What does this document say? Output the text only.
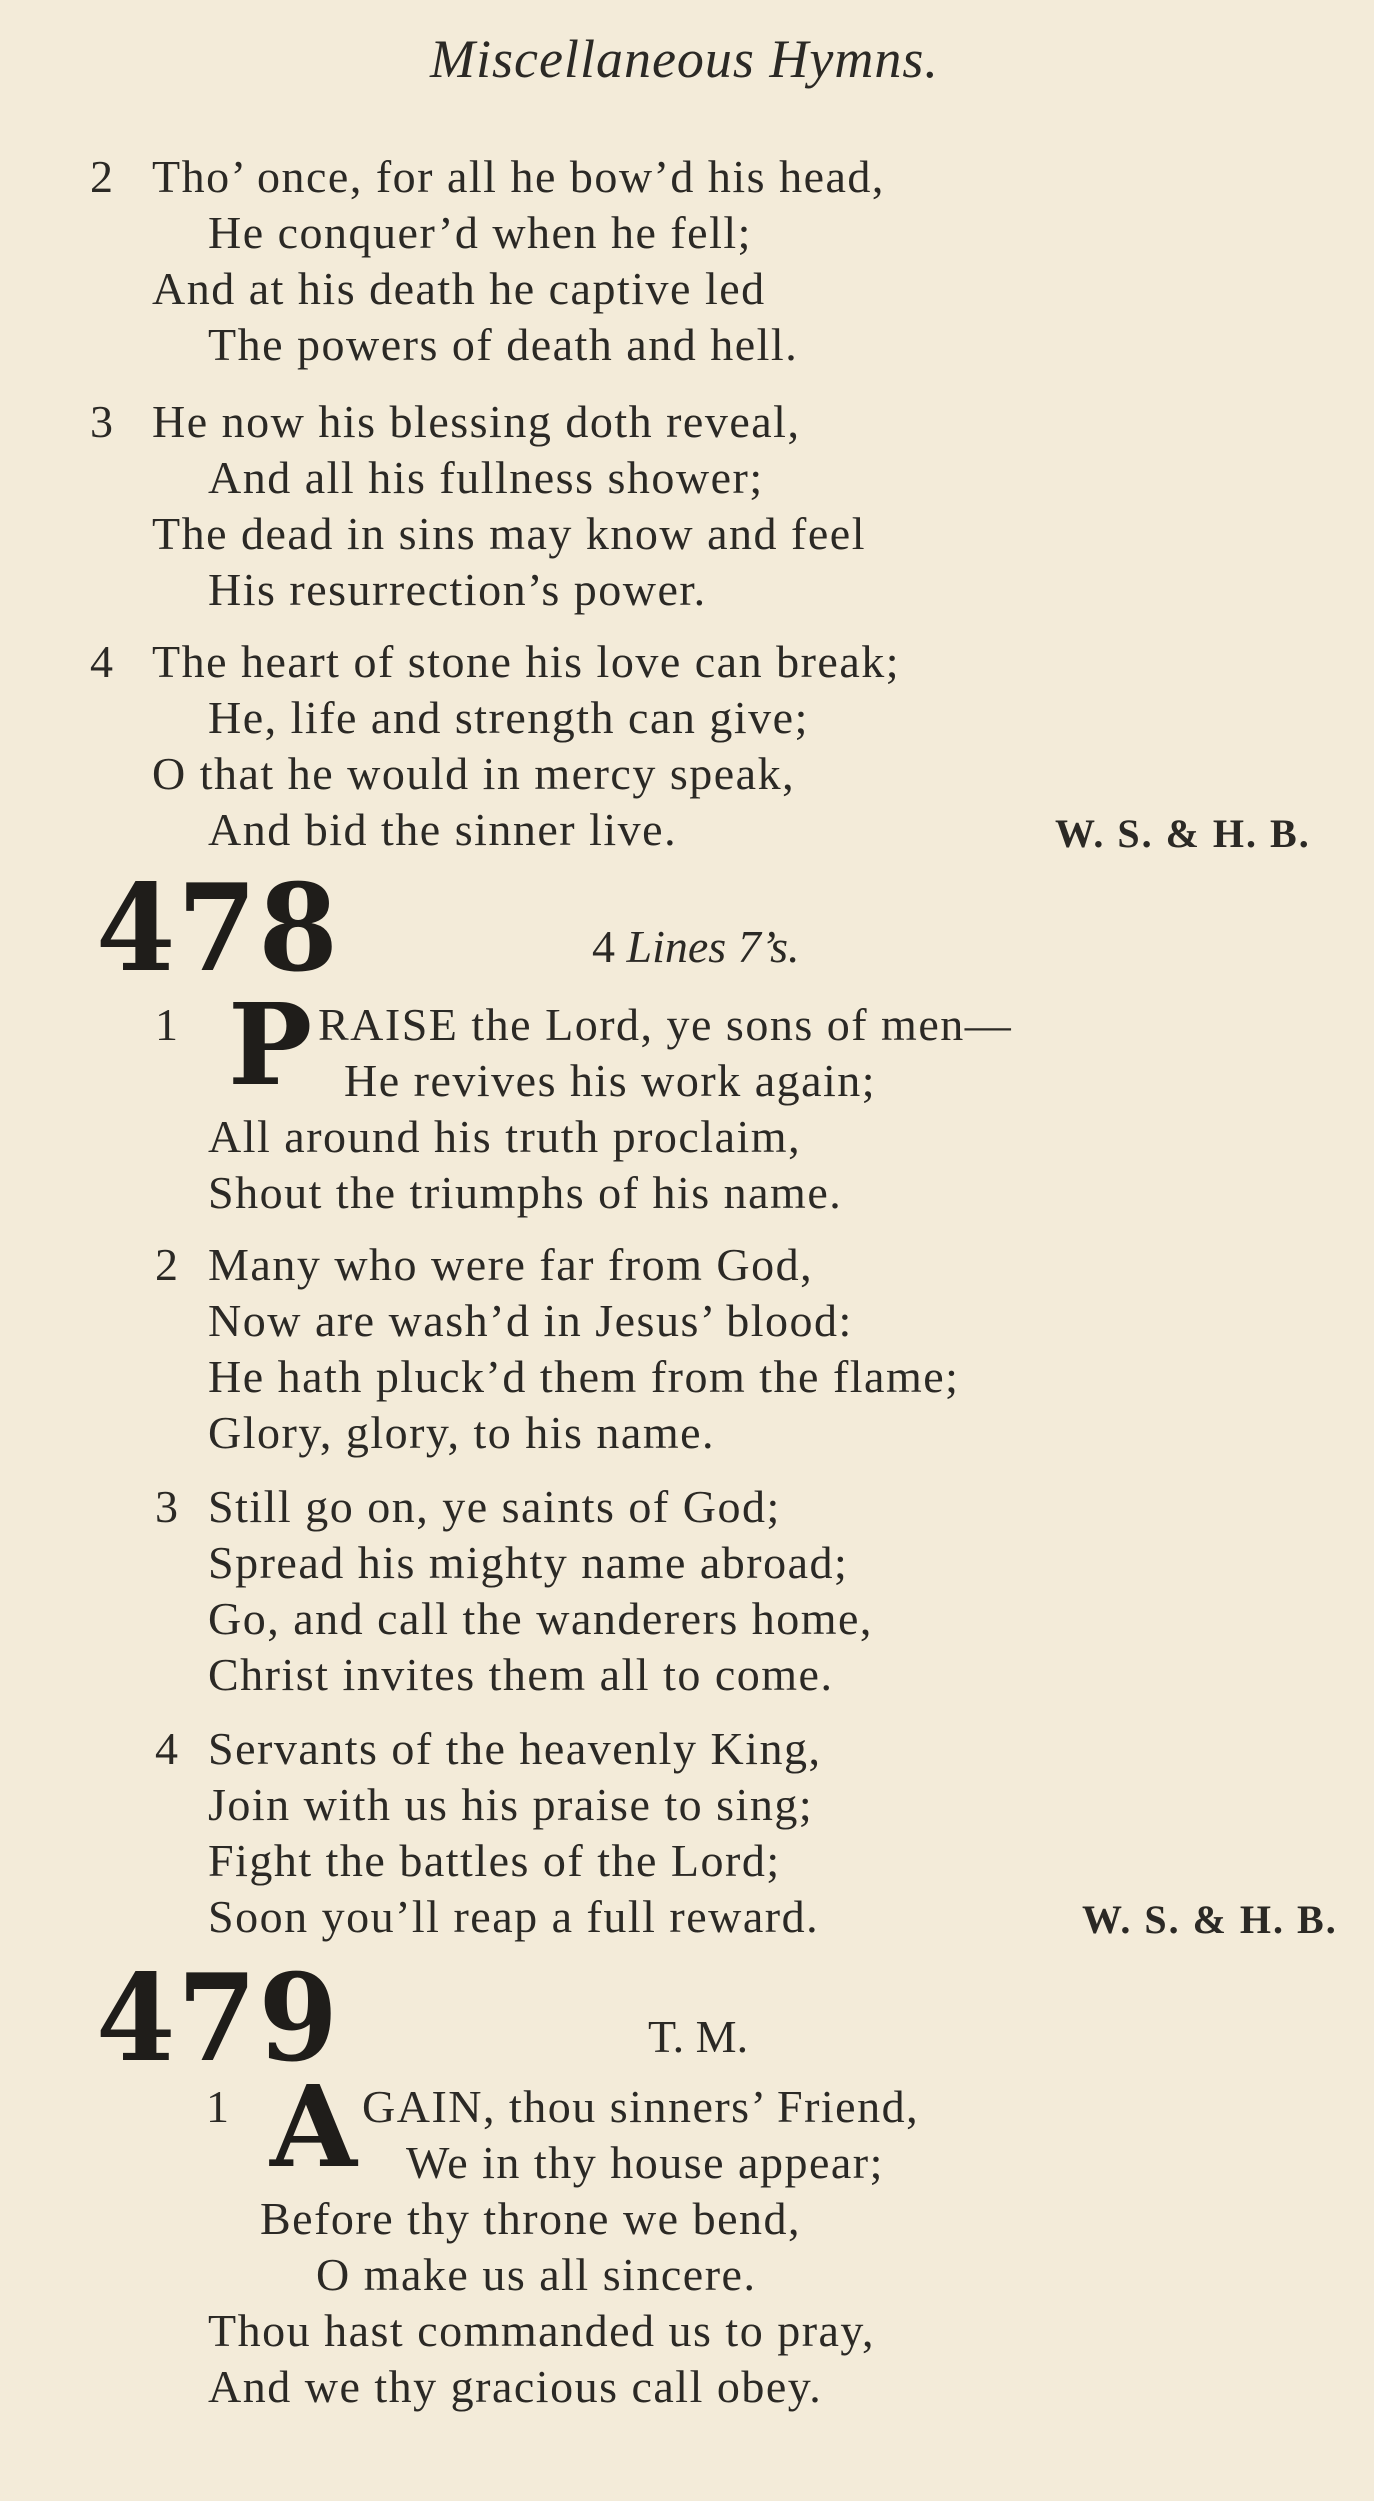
Miscellaneous Hymns.
2 Tho’ once, for all he bow’d his head,
He conquer’d when he fell;
And at his death he captive led
The powers of death and hell.
3 He now his blessing doth reveal,
And all his fullness shower;
The dead in sins may know and feel
His resurrection’s power.
4 The heart of stone his love can break;
He, life and strength can give;
O that he would in mercy speak,
And bid the sinner live.	W. S. & H. B.
478	4 Lines 7’s.
1 P RAISE the Lord, ye sons of men—
He revives his work again;
All around his truth proclaim,
Shout the triumphs of his name.
2 Many who were far from God,
Now are wash’d in Jesus’ blood:
He hath pluck’d them from the flame;
Glory, glory, to his name.
3 Still go on, ye saints of God;
Spread his mighty name abroad;
Go, and call the wanderers home,
Christ invites them all to come.
4 Servants of the heavenly King,
Join with us his praise to sing;
Fight the battles of the Lord;
Soon you’ll reap a full reward.	W. S. & H. B.
479	T. M.
1 A GAIN, thou sinners’ Friend,
We in thy house appear;
Before thy throne we bend,
O make us all sincere.
Thou hast commanded us to pray,
And we thy gracious call obey.
